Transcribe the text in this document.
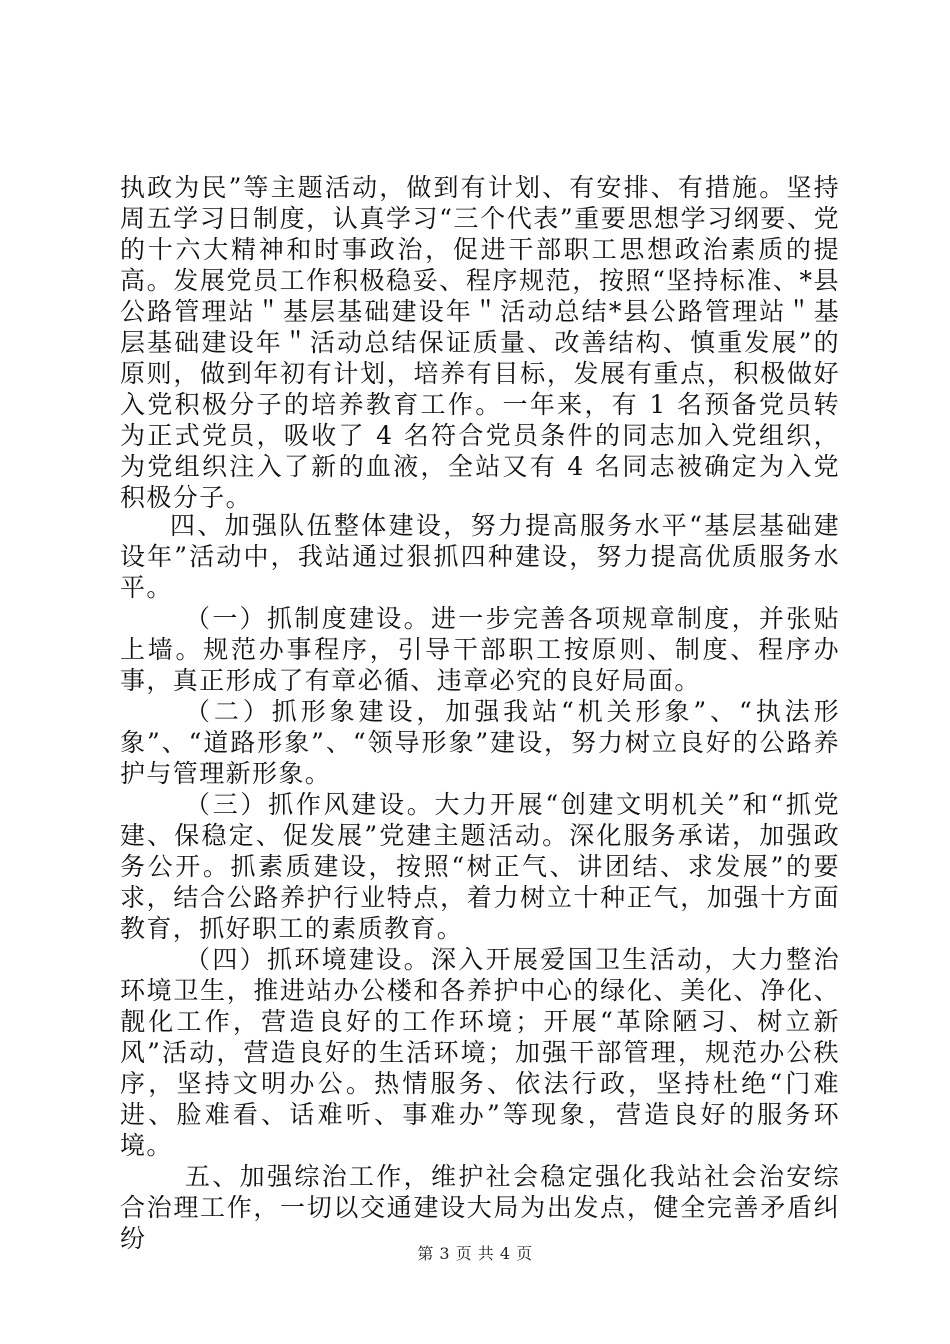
执政为民”等主题活动，做到有计划、有安排、有措施。坚持周五学习日制度，认真学习“三个代表”重要思想学习纲要、党的十六大精神和时事政治，促进干部职工思想政治素质的提高。发展党员工作积极稳妥、程序规范，按照“坚持标准、*县公路管理站＂基层基础建设年＂活动总结*县公路管理站＂基层基础建设年＂活动总结保证质量、改善结构、慎重发展”的原则，做到年初有计划，培养有目标，发展有重点，积极做好入党积极分子的培养教育工作。一年来，有 1 名预备党员转为正式党员，吸收了 4 名符合党员条件的同志加入党组织，为党组织注入了新的血液，全站又有 4 名同志被确定为入党积极分子。

四、加强队伍整体建设，努力提高服务水平“基层基础建设年”活动中，我站通过狠抓四种建设，努力提高优质服务水平。

（一）抓制度建设。进一步完善各项规章制度，并张贴上墙。规范办事程序，引导干部职工按原则、制度、程序办事，真正形成了有章必循、违章必究的良好局面。

（二）抓形象建设，加强我站“机关形象”、“执法形象”、“道路形象”、“领导形象”建设，努力树立良好的公路养护与管理新形象。

（三）抓作风建设。大力开展“创建文明机关”和“抓党建、保稳定、促发展”党建主题活动。深化服务承诺，加强政务公开。抓素质建设，按照“树正气、讲团结、求发展”的要求，结合公路养护行业特点，着力树立十种正气，加强十方面教育，抓好职工的素质教育。

（四）抓环境建设。深入开展爱国卫生活动，大力整治环境卫生，推进站办公楼和各养护中心的绿化、美化、净化、靓化工作，营造良好的工作环境；开展“革除陋习、树立新风”活动，营造良好的生活环境；加强干部管理，规范办公秩序，坚持文明办公。热情服务、依法行政，坚持杜绝“门难进、脸难看、话难听、事难办”等现象，营造良好的服务环境。

五、加强综治工作，维护社会稳定强化我站社会治安综合治理工作，一切以交通建设大局为出发点，健全完善矛盾纠纷

第 3 页 共 4 页
